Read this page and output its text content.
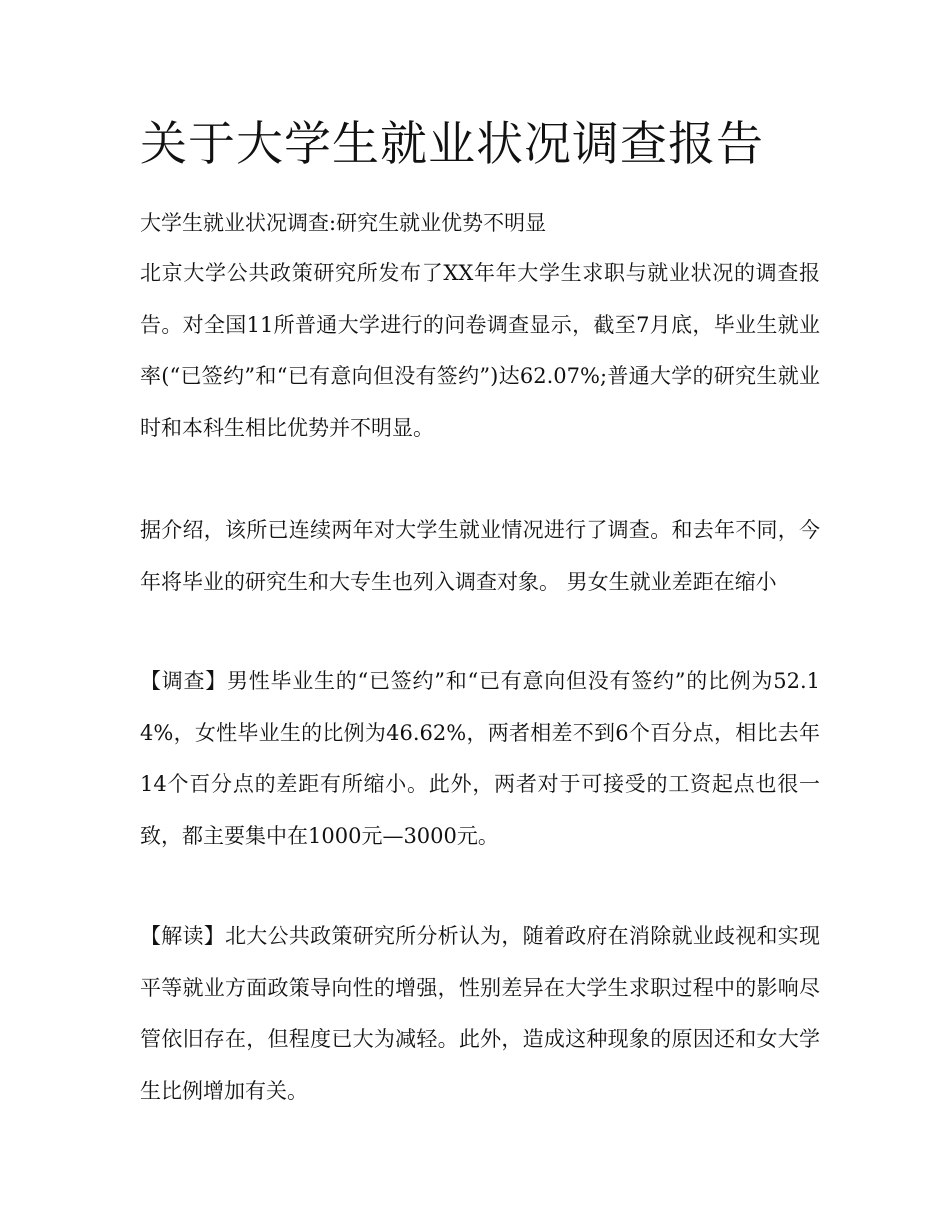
关于大学生就业状况调查报告

大学生就业状况调查:研究生就业优势不明显

北京大学公共政策研究所发布了XX年年大学生求职与就业状况的调查报告。对全国11所普通大学进行的问卷调查显示，截至7月底，毕业生就业率(“已签约”和“已有意向但没有签约”)达62.07%;普通大学的研究生就业时和本科生相比优势并不明显。

据介绍，该所已连续两年对大学生就业情况进行了调查。和去年不同，今年将毕业的研究生和大专生也列入调查对象。 男女生就业差距在缩小

【调查】男性毕业生的“已签约”和“已有意向但没有签约”的比例为52.14%，女性毕业生的比例为46.62%，两者相差不到6个百分点，相比去年14个百分点的差距有所缩小。此外，两者对于可接受的工资起点也很一致，都主要集中在1000元—3000元。

【解读】北大公共政策研究所分析认为，随着政府在消除就业歧视和实现平等就业方面政策导向性的增强，性别差异在大学生求职过程中的影响尽管依旧存在，但程度已大为减轻。此外，造成这种现象的原因还和女大学生比例增加有关。
